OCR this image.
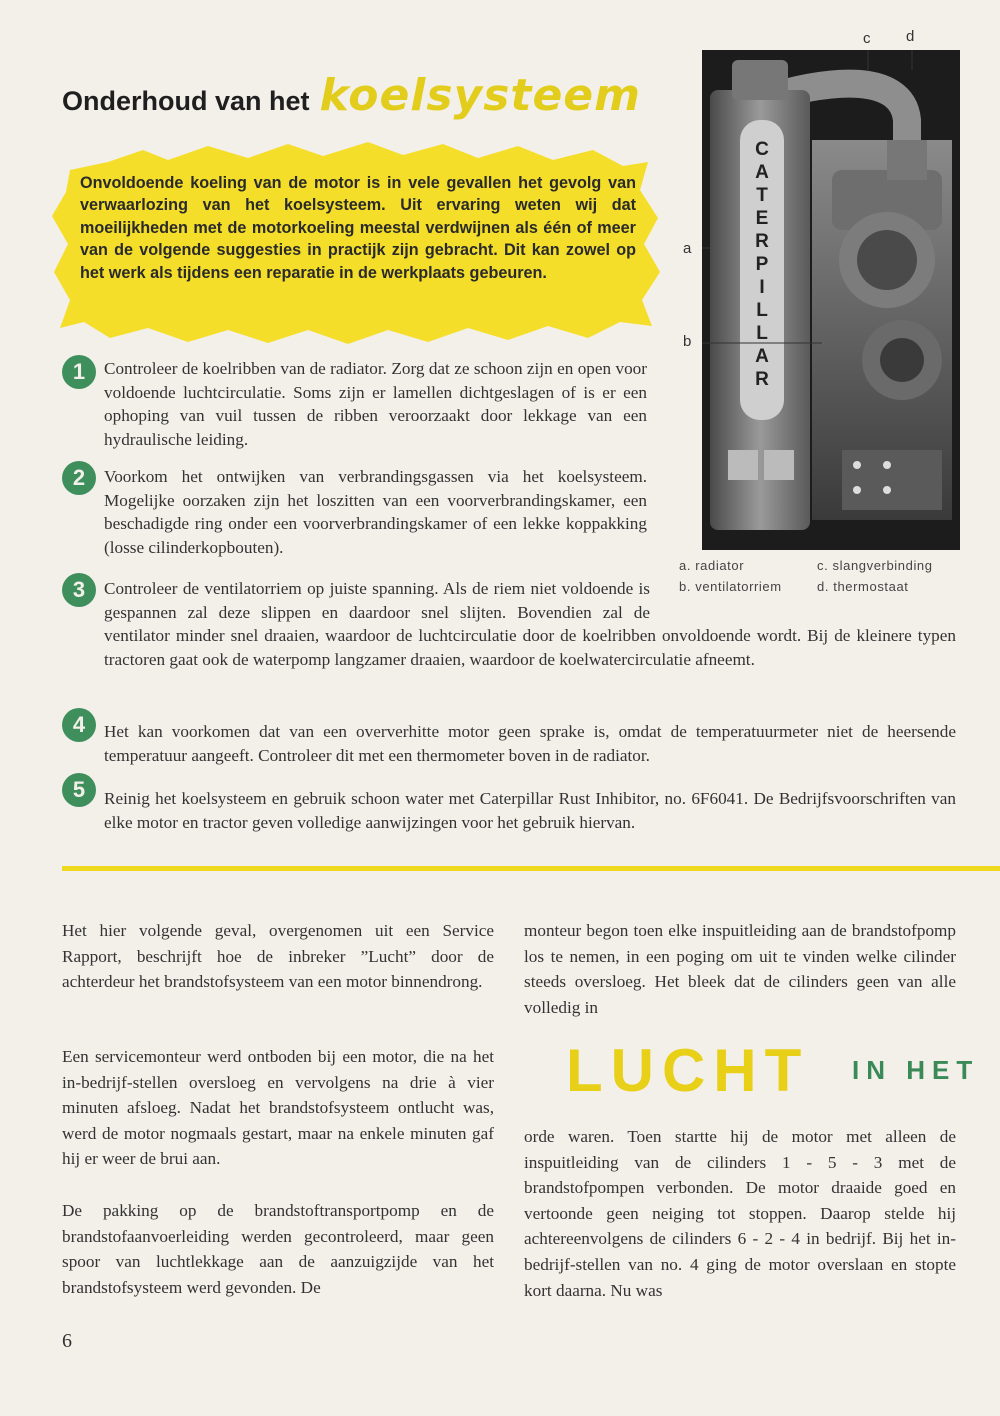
Onderhoud van het koelsysteem
Onvoldoende koeling van de motor is in vele gevallen het gevolg van verwaarlozing van het koelsysteem. Uit ervaring weten wij dat moeilijkheden met de motorkoeling meestal verdwijnen als één of meer van de volgende suggesties in practijk zijn gebracht. Dit kan zowel op het werk als tijdens een reparatie in de werkplaats gebeuren.
1	Controleer de koelribben van de radiator. Zorg dat ze schoon zijn en open voor voldoende luchtcirculatie. Soms zijn er lamellen dichtgeslagen of is er een ophoping van vuil tussen de ribben veroorzaakt door lekkage van een hydraulische leiding.
2	Voorkom het ontwijken van verbrandingsgassen via het koelsysteem. Mogelijke oorzaken zijn het loszitten van een voorverbrandingskamer, een beschadigde ring onder een voorverbrandingskamer of een lekke koppakking (losse cilinderkopbouten).
3	Controleer de ventilatorriem op juiste spanning. Als de riem niet voldoende is gespannen zal deze slippen en daardoor snel slijten. Bovendien zal de ventilator minder snel draaien, waardoor de luchtcirculatie door de koelribben onvoldoende wordt. Bij de kleinere typen tractoren gaat ook de waterpomp langzamer draaien, waardoor de koelwatercirculatie afneemt.
4	Het kan voorkomen dat van een oververhitte motor geen sprake is, omdat de temperatuurmeter niet de heersende temperatuur aangeeft. Controleer dit met een thermometer boven in de radiator.
5	Reinig het koelsysteem en gebruik schoon water met Caterpillar Rust Inhibitor, no. 6F6041. De Bedrijfsvoorschriften van elke motor en tractor geven volledige aanwijzingen voor het gebruik hiervan.
C
A
T
E
R
P
I
L
L
A
R
a
b
c d
a. radiator
b. ventilatorriem
c. slangverbinding
d. thermostaat
Het hier volgende geval, overgenomen uit een Service Rapport, beschrijft hoe de inbreker ”Lucht” door de achterdeur het brandstofsysteem van een motor binnendrong.
Een servicemonteur werd ontboden bij een motor, die na het in-bedrijf-stellen oversloeg en vervolgens na drie à vier minuten afsloeg. Nadat het brandstofsysteem ontlucht was, werd de motor nogmaals gestart, maar na enkele minuten gaf hij er weer de brui aan.
De pakking op de brandstoftransportpomp en de brandstofaanvoerleiding werden gecontroleerd, maar geen spoor van luchtlekkage aan de aanzuigzijde van het brandstofsysteem werd gevonden. De
monteur begon toen elke inspuitleiding aan de brandstofpomp los te nemen, in een poging om uit te vinden welke cilinder steeds oversloeg. Het bleek dat de cilinders geen van alle volledig in
LUCHT IN HET
orde waren. Toen startte hij de motor met alleen de inspuitleiding van de cilinders 1 - 5 - 3 met de brandstofpompen verbonden. De motor draaide goed en vertoonde geen neiging tot stoppen. Daarop stelde hij achtereenvolgens de cilinders 6 - 2 - 4 in bedrijf. Bij het in-bedrijf-stellen van no. 4 ging de motor overslaan en stopte kort daarna. Nu was
6
